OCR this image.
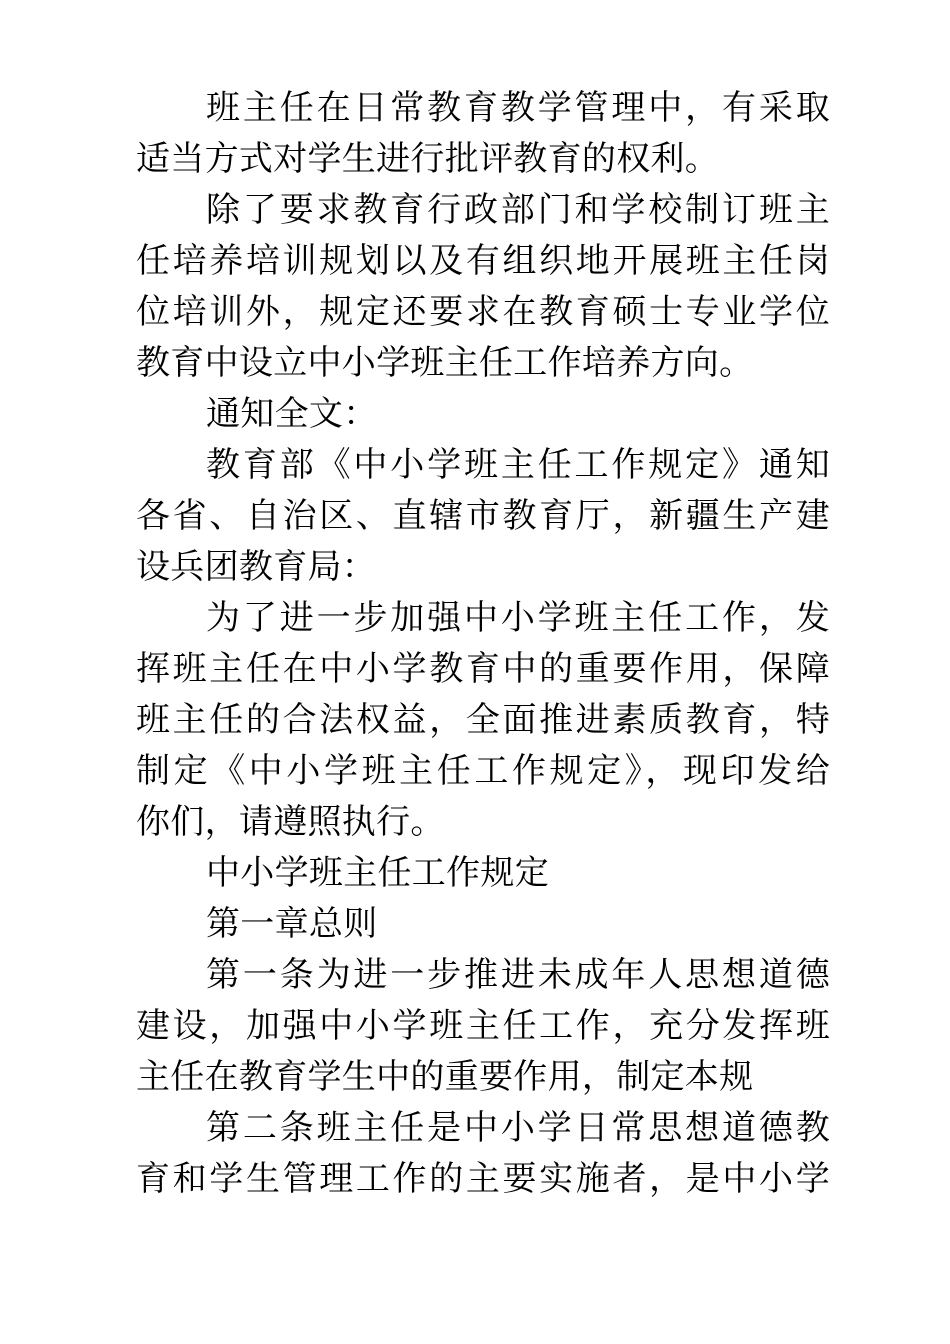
班主任在日常教育教学管理中，有采取
适当方式对学生进行批评教育的权利。

除了要求教育行政部门和学校制订班主
任培养培训规划以及有组织地开展班主任岗
位培训外，规定还要求在教育硕士专业学位
教育中设立中小学班主任工作培养方向。

通知全文：

教育部《中小学班主任工作规定》通知
各省、自治区、直辖市教育厅，新疆生产建
设兵团教育局：

为了进一步加强中小学班主任工作，发
挥班主任在中小学教育中的重要作用，保障
班主任的合法权益，全面推进素质教育，特
制定《中小学班主任工作规定》，现印发给
你们，请遵照执行。

中小学班主任工作规定

第一章总则

第一条为进一步推进未成年人思想道德
建设，加强中小学班主任工作，充分发挥班
主任在教育学生中的重要作用，制定本规

第二条班主任是中小学日常思想道德教
育和学生管理工作的主要实施者，是中小学
